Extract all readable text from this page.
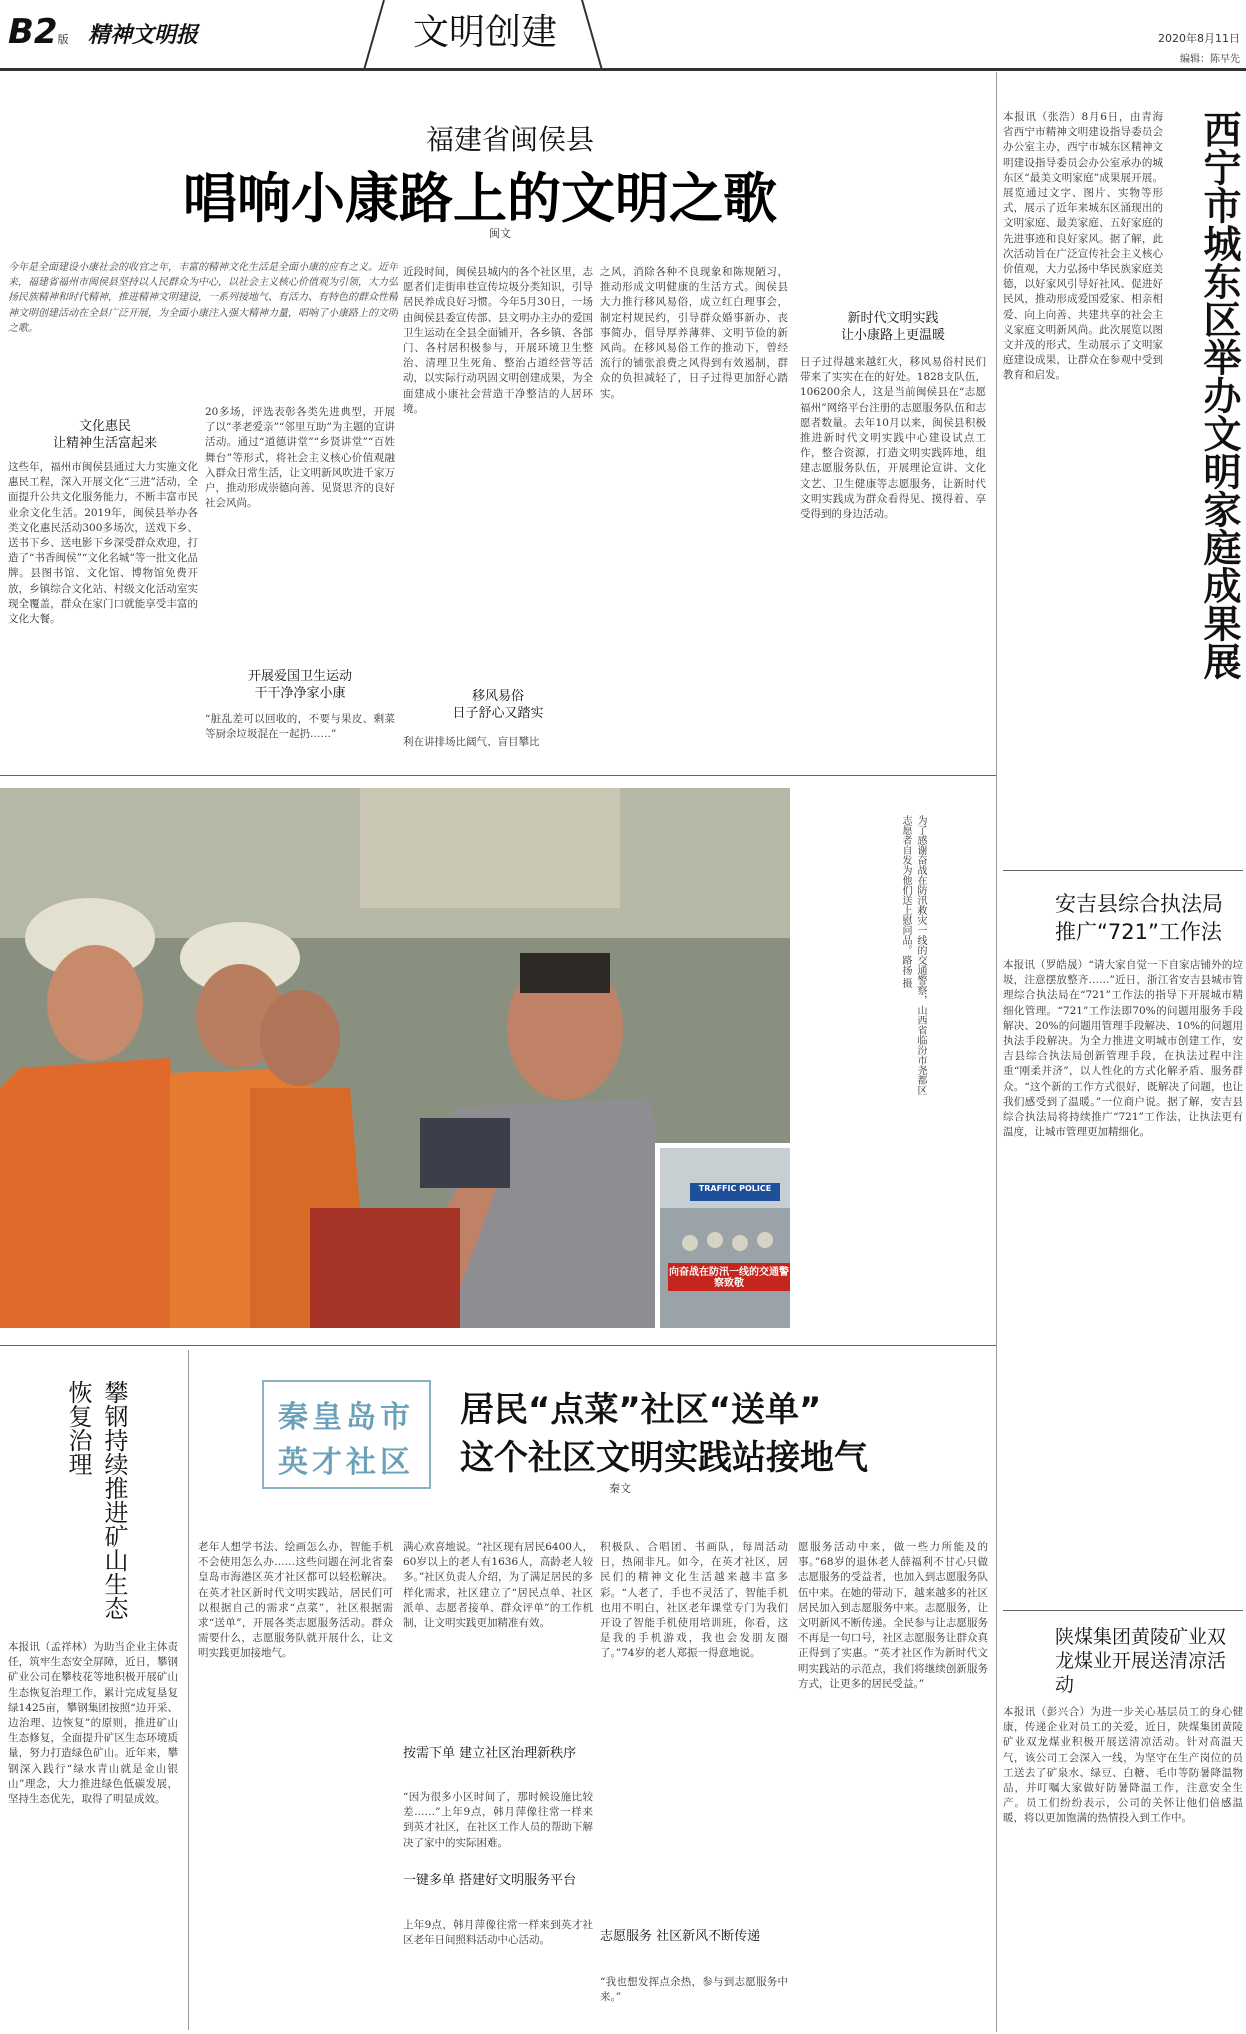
B2版 精神文明报	文明创建	2020年8月11日
编辑：陈早先
福建省闽侯县
唱响小康路上的文明之歌
闽文

今年是全面建设小康社会的收官之年，丰富的精神文化生活是全面小康的应有之义。近年来，福建省福州市闽侯县坚持以人民群众为中心，以社会主义核心价值观为引领，大力弘扬民族精神和时代精神，推进精神文明建设，一系列接地气、有活力、有特色的群众性精神文明创建活动在全县广泛开展，为全面小康注入强大精神力量，唱响了小康路上的文明之歌。

文化惠民
让精神生活富起来

这些年，福州市闽侯县通过大力实施文化惠民工程，深入开展文化“三进”活动，全面提升公共文化服务能力，不断丰富市民业余文化生活。2019年，闽侯县举办各类文化惠民活动300多场次，送戏下乡、送书下乡、送电影下乡深受群众欢迎，打造了“书香闽侯”“文化名城”等一批文化品牌。县图书馆、文化馆、博物馆免费开放，乡镇综合文化站、村级文化活动室实现全覆盖，群众在家门口就能享受丰富的文化大餐。

20多场，评选表彰各类先进典型，开展了以“孝老爱亲”“邻里互助”为主题的宣讲活动。通过“道德讲堂”“乡贤讲堂”“百姓舞台”等形式，将社会主义核心价值观融入群众日常生活，让文明新风吹进千家万户，推动形成崇德向善、见贤思齐的良好社会风尚。

开展爱国卫生运动
干干净净家小康

“脏乱差可以回收的，不要与果皮、剩菜等厨余垃圾混在一起扔……”

近段时间，闽侯县城内的各个社区里，志愿者们走街串巷宣传垃圾分类知识，引导居民养成良好习惯。今年5月30日，一场由闽侯县委宣传部、县文明办主办的爱国卫生运动在全县全面铺开，各乡镇、各部门、各村居积极参与，开展环境卫生整治、清理卫生死角、整治占道经营等活动，以实际行动巩固文明创建成果，为全面建成小康社会营造干净整洁的人居环境。

移风易俗
日子舒心又踏实

利在讲排场比阔气、盲目攀比

之风，消除各种不良现象和陈规陋习，推动形成文明健康的生活方式。闽侯县大力推行移风易俗，成立红白理事会，制定村规民约，引导群众婚事新办、丧事简办，倡导厚养薄葬、文明节俭的新风尚。在移风易俗工作的推动下，曾经流行的铺张浪费之风得到有效遏制，群众的负担减轻了，日子过得更加舒心踏实。

新时代文明实践
让小康路上更温暖

日子过得越来越红火，移风易俗村民们带来了实实在在的好处。1828支队伍，106200余人，这是当前闽侯县在“志愿福州”网络平台注册的志愿服务队伍和志愿者数量。去年10月以来，闽侯县积极推进新时代文明实践中心建设试点工作，整合资源，打造文明实践阵地，组建志愿服务队伍，开展理论宣讲、文化文艺、卫生健康等志愿服务，让新时代文明实践成为群众看得见、摸得着、享受得到的身边活动。

本报讯（张浩）8月6日，由青海省西宁市精神文明建设指导委员会办公室主办，西宁市城东区精神文明建设指导委员会办公室承办的城东区“最美文明家庭”成果展开展。展览通过文字、图片、实物等形式，展示了近年来城东区涌现出的文明家庭、最美家庭、五好家庭的先进事迹和良好家风。据了解，此次活动旨在广泛宣传社会主义核心价值观，大力弘扬中华民族家庭美德，以好家风引导好社风、促进好民风，推动形成爱国爱家、相亲相爱、向上向善、共建共享的社会主义家庭文明新风尚。此次展览以图文并茂的形式，生动展示了文明家庭建设成果，让群众在参观中受到教育和启发。	西宁市城东区举办文明家庭成果展
安吉县综合执法局推广“721”工作法

本报讯（罗皓晟）“请大家自觉一下自家店铺外的垃圾，注意摆放整齐……”近日，浙江省安吉县城市管理综合执法局在“721”工作法的指导下开展城市精细化管理。“721”工作法即70%的问题用服务手段解决、20%的问题用管理手段解决、10%的问题用执法手段解决。为全力推进文明城市创建工作，安吉县综合执法局创新管理手段，在执法过程中注重“刚柔并济”，以人性化的方式化解矛盾、服务群众。“这个新的工作方式很好，既解决了问题，也让我们感受到了温暖。”一位商户说。据了解，安吉县综合执法局将持续推广“721”工作法，让执法更有温度，让城市管理更加精细化。

陕煤集团黄陵矿业双龙煤业开展送清凉活动

本报讯（彭兴合）为进一步关心基层员工的身心健康，传递企业对员工的关爱，近日，陕煤集团黄陵矿业双龙煤业积极开展送清凉活动。针对高温天气，该公司工会深入一线，为坚守在生产岗位的员工送去了矿泉水、绿豆、白糖、毛巾等防暑降温物品，并叮嘱大家做好防暑降温工作，注意安全生产。员工们纷纷表示，公司的关怀让他们倍感温暖，将以更加饱满的热情投入到工作中。

TRAFFIC POLICE
向奋战在防汛一线的交通警察致敬
为了感谢奋战在防汛救灾一线的交通警察，山西省临汾市尧都区志愿者自发为他们送上慰问品。路扬 摄
攀钢持续推进矿山生态恢复治理

本报讯（孟祥林）为助当企业主体责任，筑牢生态安全屏障，近日，攀钢矿业公司在攀枝花等地积极开展矿山生态恢复治理工作，累计完成复垦复绿1425亩，攀钢集团按照“边开采、边治理、边恢复”的原则，推进矿山生态修复，全面提升矿区生态环境质量，努力打造绿色矿山。近年来，攀钢深入践行“绿水青山就是金山银山”理念，大力推进绿色低碳发展，坚持生态优先，取得了明显成效。

秦皇岛市
英才社区
居民“点菜”社区“送单”
这个社区文明实践站接地气
秦文

老年人想学书法、绘画怎么办，智能手机不会使用怎么办……这些问题在河北省秦皇岛市海港区英才社区都可以轻松解决。在英才社区新时代文明实践站，居民们可以根据自己的需求“点菜”，社区根据需求“送单”，开展各类志愿服务活动。群众需要什么，志愿服务队就开展什么，让文明实践更加接地气。

满心欢喜地说。“社区现有居民6400人，60岁以上的老人有1636人，高龄老人较多。”社区负责人介绍，为了满足居民的多样化需求，社区建立了“居民点单、社区派单、志愿者接单、群众评单”的工作机制，让文明实践更加精准有效。

按需下单 建立社区治理新秩序

“因为很多小区时间了，那时候设施比较差……”上年9点，韩月萍像往常一样来到英才社区，在社区工作人员的帮助下解决了家中的实际困难。

一键多单 搭建好文明服务平台

上年9点，韩月萍像往常一样来到英才社区老年日间照料活动中心活动。

积极队、合唱团、书画队，每周活动日，热闹非凡。如今，在英才社区，居民们的精神文化生活越来越丰富多彩。“人老了，手也不灵活了，智能手机也用不明白，社区老年课堂专门为我们开设了智能手机使用培训班，你看，这是我的手机游戏，我也会发朋友圈了。”74岁的老人郑振一得意地说。

志愿服务 社区新风不断传递

“我也想发挥点余热，参与到志愿服务中来。”

愿服务活动中来，做一些力所能及的事。”68岁的退休老人薛福利不甘心只做志愿服务的受益者，也加入到志愿服务队伍中来。在她的带动下，越来越多的社区居民加入到志愿服务中来。志愿服务，让文明新风不断传递。全民参与让志愿服务不再是一句口号，社区志愿服务让群众真正得到了实惠。“英才社区作为新时代文明实践站的示范点，我们将继续创新服务方式，让更多的居民受益。”
